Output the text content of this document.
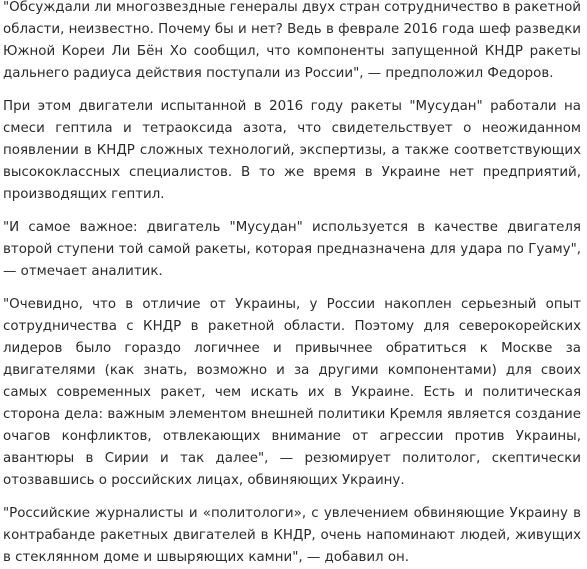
"Обсуждали ли многозвездные генералы двух стран сотрудничество в ракетной области, неизвестно. Почему бы и нет? Ведь в феврале 2016 года шеф разведки Южной Кореи Ли Бён Хо сообщил, что компоненты запущенной КНДР ракеты дальнего радиуса действия поступали из России", — предположил Федоров.

При этом двигатели испытанной в 2016 году ракеты "Мусудан" работали на смеси гептила и тетраоксида азота, что свидетельствует о неожиданном появлении в КНДР сложных технологий, экспертизы, а также соответствующих высококлассных специалистов. В то же время в Украине нет предприятий, производящих гептил.

"И самое важное: двигатель "Мусудан" используется в качестве двигателя второй ступени той самой ракеты, которая предназначена для удара по Гуаму", — отмечает аналитик.

"Очевидно, что в отличие от Украины, у России накоплен серьезный опыт сотрудничества с КНДР в ракетной области. Поэтому для северокорейских лидеров было гораздо логичнее и привычнее обратиться к Москве за двигателями (как знать, возможно и за другими компонентами) для своих самых современных ракет, чем искать их в Украине. Есть и политическая сторона дела: важным элементом внешней политики Кремля является создание очагов конфликтов, отвлекающих внимание от агрессии против Украины, авантюры в Сирии и так далее", — резюмирует политолог, скептически отозвавшись о российских лицах, обвиняющих Украину.

"Российские журналисты и «политологи», с увлечением обвиняющие Украину в контрабанде ракетных двигателей в КНДР, очень напоминают людей, живущих в стеклянном доме и швыряющих камни", — добавил он.
